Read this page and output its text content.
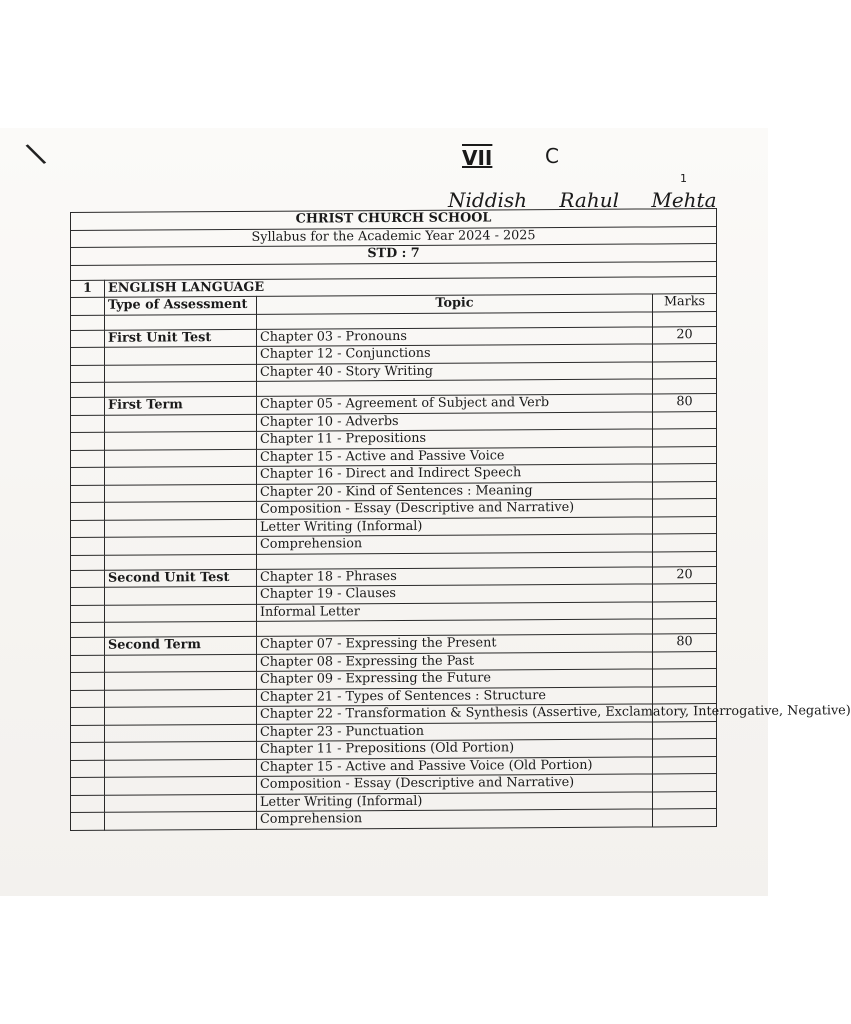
\	VII	C
1
Niddish Rahul Mehta
CHRIST CHURCH SCHOOL			
Syllabus for the Academic Year 2024 - 2025			
STD : 7			

1	ENGLISH LANGUAGE		
	Type of Assessment	Topic	Marks

	First Unit Test	Chapter 03 - Pronouns	20
		Chapter 12 - Conjunctions	
		Chapter 40 - Story Writing	

	First Term	Chapter 05 - Agreement of Subject and Verb	80
		Chapter 10 - Adverbs	
		Chapter 11 - Prepositions	
		Chapter 15 - Active and Passive Voice	
		Chapter 16 - Direct and Indirect Speech	
		Chapter 20 - Kind of Sentences : Meaning	
		Composition - Essay (Descriptive and Narrative)	
		Letter Writing (Informal)	
		Comprehension	

	Second Unit Test	Chapter 18 - Phrases	20
		Chapter 19 - Clauses	
		Informal Letter	

	Second Term	Chapter 07 - Expressing the Present	80
		Chapter 08 - Expressing the Past	
		Chapter 09 - Expressing the Future	
		Chapter 21 - Types of Sentences : Structure	
		Chapter 22 - Transformation & Synthesis (Assertive, Exclamatory, Interrogative, Negative)	
		Chapter 23 - Punctuation	
		Chapter 11 - Prepositions (Old Portion)	
		Chapter 15 - Active and Passive Voice (Old Portion)	
		Composition - Essay (Descriptive and Narrative)	
		Letter Writing (Informal)	
		Comprehension	
